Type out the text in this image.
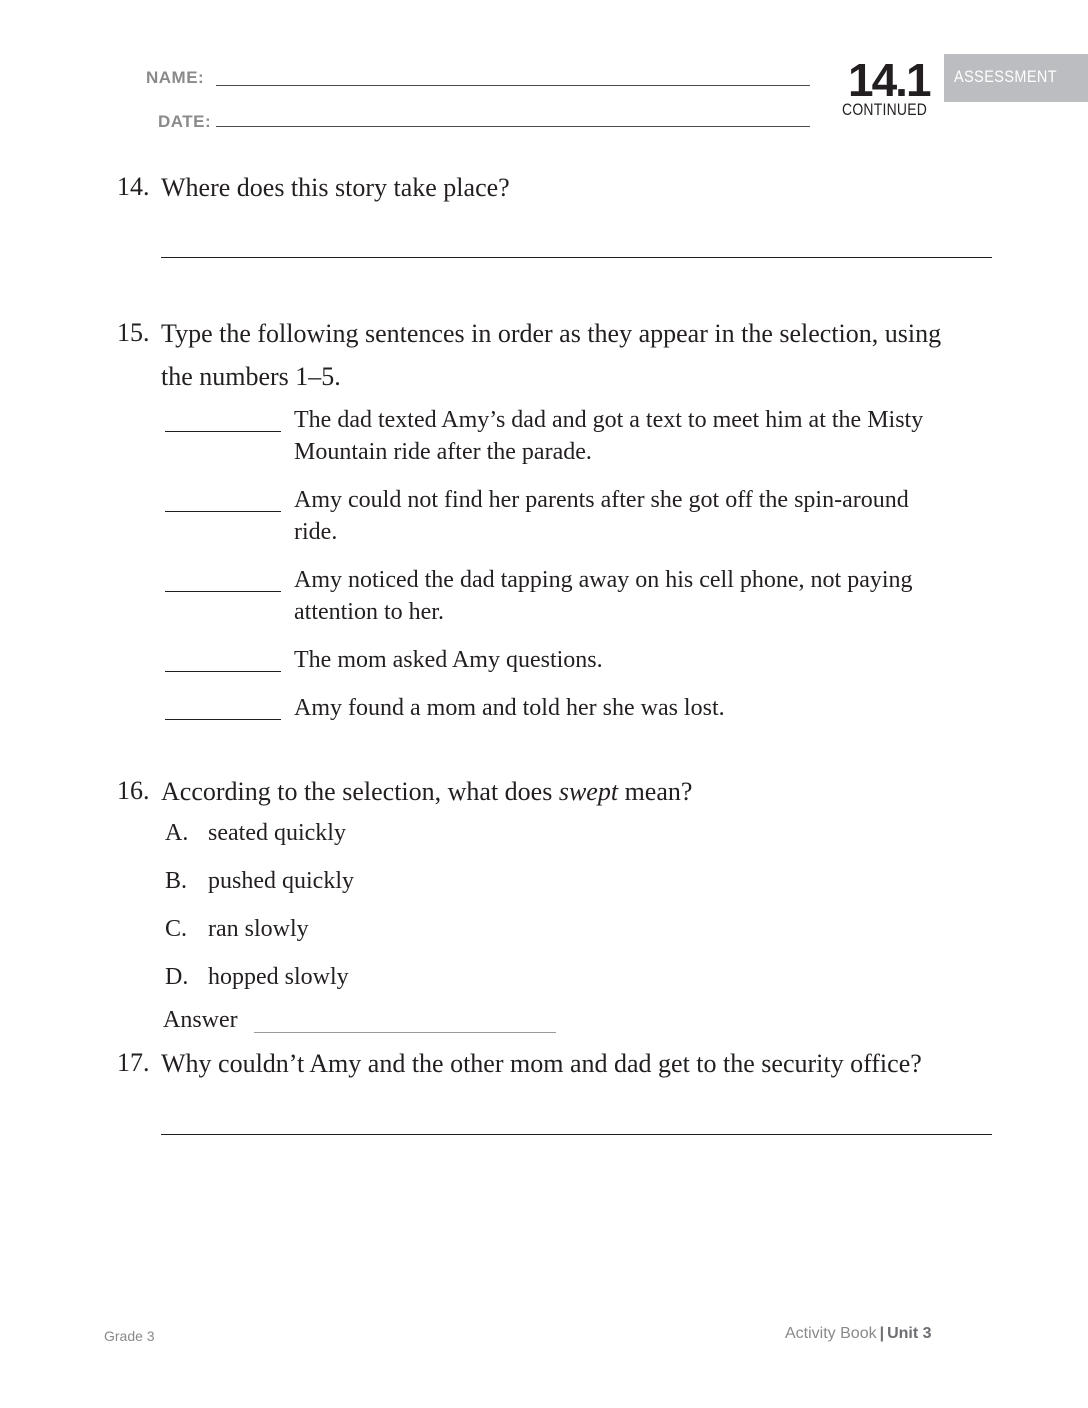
NAME:
DATE:
14.1
CONTINUED
ASSESSMENT
14. Where does this story take place?
15. Type the following sentences in order as they appear in the selection, using
the numbers 1–5.
The dad texted Amy’s dad and got a text to meet him at the Misty
Mountain ride after the parade.
Amy could not find her parents after she got off the spin-around
ride.
Amy noticed the dad tapping away on his cell phone, not paying
attention to her.
The mom asked Amy questions.
Amy found a mom and told her she was lost.
16. According to the selection, what does swept mean?
A. seated quickly
B. pushed quickly
C. ran slowly
D. hopped slowly
Answer
17. Why couldn’t Amy and the other mom and dad get to the security office?
Grade 3	Activity Book | Unit 3
